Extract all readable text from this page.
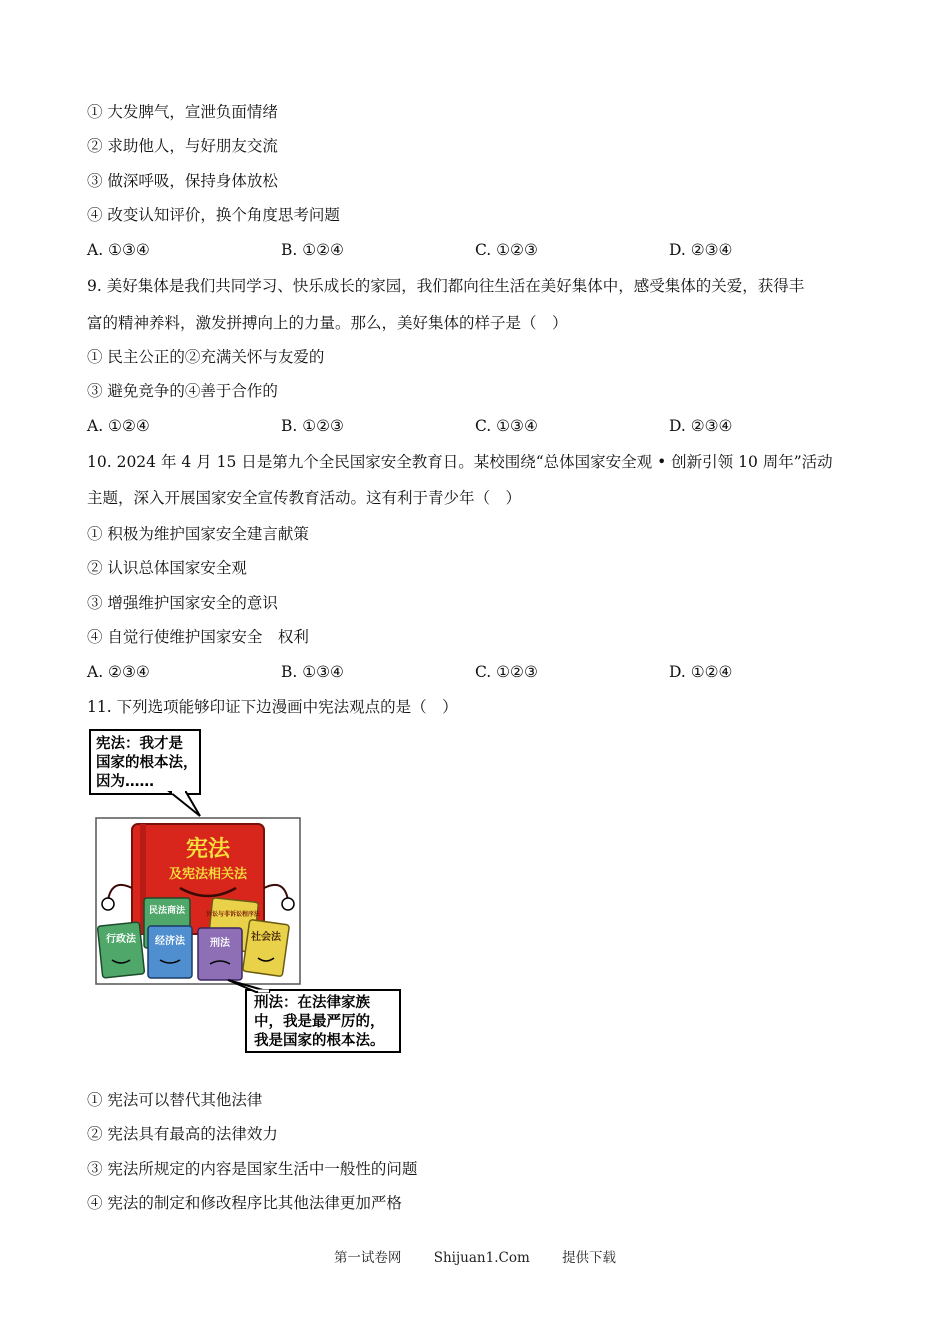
① 大发脾气，宣泄负面情绪
② 求助他人，与好朋友交流
③ 做深呼吸，保持身体放松
④ 改变认知评价，换个角度思考问题
A. ①③④	B. ①②④	C. ①②③	D. ②③④
9. 美好集体是我们共同学习、快乐成长的家园，我们都向往生活在美好集体中，感受集体的关爱，获得丰
富的精神养料，激发拼搏向上的力量。那么，美好集体的样子是（　）
① 民主公正的②充满关怀与友爱的
③ 避免竞争的④善于合作的
A. ①②④	B. ①②③	C. ①③④	D. ②③④
10. 2024 年 4 月 15 日是第九个全民国家安全教育日。某校围绕“总体国家安全观 • 创新引领 10 周年”活动
主题，深入开展国家安全宣传教育活动。这有利于青少年（　）
① 积极为维护国家安全建言献策
② 认识总体国家安全观
③ 增强维护国家安全的意识
④ 自觉行使维护国家安全　权利
A. ②③④	B. ①③④	C. ①②③	D. ①②④
11. 下列选项能够印证下边漫画中宪法观点的是（　）
宪法：我才是
国家的根本法，
因为……
宪法
及宪法相关法
民法商法	诉讼与非诉讼程序法
行政法 经济法	刑法
社会法
刑法：在法律家族
中，我是最严厉的，
我是国家的根本法。
① 宪法可以替代其他法律
② 宪法具有最高的法律效力
③ 宪法所规定的内容是国家生活中一般性的问题
④ 宪法的制定和修改程序比其他法律更加严格
第一试卷网 Shijuan1.Com 提供下载
